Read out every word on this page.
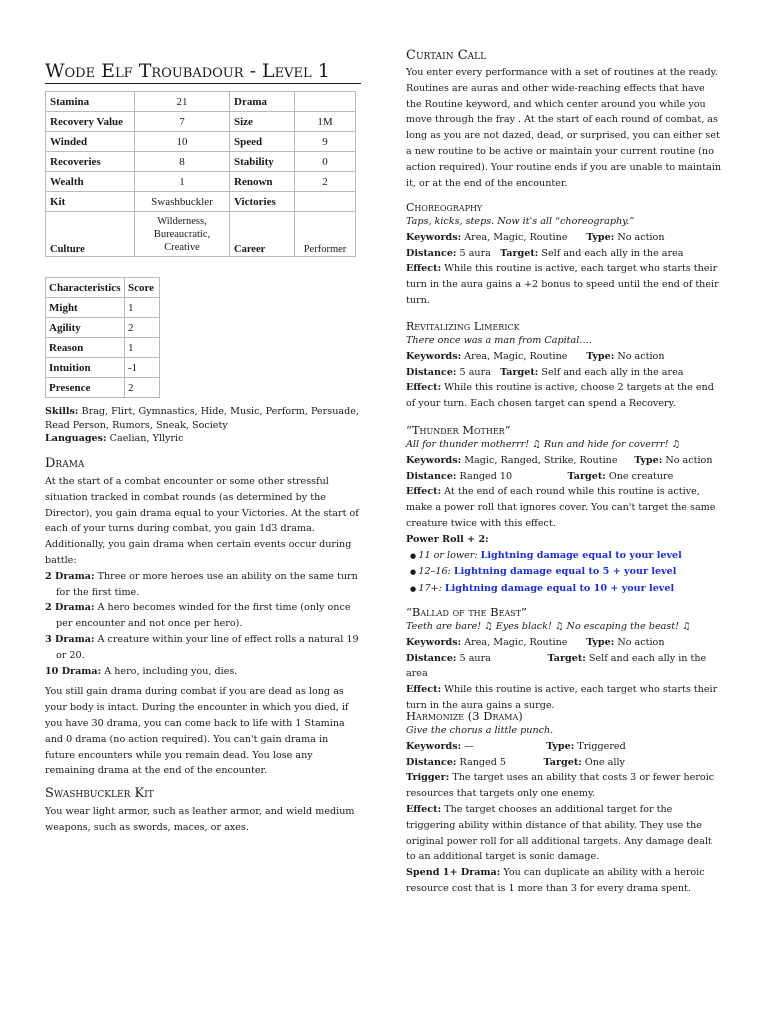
Wode Elf Troubadour - Level 1
Stamina	21	Drama	
Recovery Value	7	Size	1M
Winded	10	Speed	9
Recoveries	8	Stability	0
Wealth	1	Renown	2
Kit	Swashbuckler	Victories	
Culture	Wilderness, Bureaucratic, Creative	Career	Performer
Characteristics	Score
Might	1
Agility	2
Reason	1
Intuition	-1
Presence	2

Skills: Brag, Flirt, Gymnastics, Hide, Music, Perform, Persuade, Read Person, Rumors, Sneak, Society

Languages: Caelian, Yllyric

Drama

At the start of a combat encounter or some other stressful situation tracked in combat rounds (as determined by the Director), you gain drama equal to your Victories. At the start of each of your turns during combat, you gain 1d3 drama. Additionally, you gain drama when certain events occur during battle:

2 Drama: Three or more heroes use an ability on the same turn for the first time.

2 Drama: A hero becomes winded for the first time (only once per encounter and not once per hero).

3 Drama: A creature within your line of effect rolls a natural 19 or 20.

10 Drama: A hero, including you, dies.

You still gain drama during combat if you are dead as long as your body is intact. During the encounter in which you died, if you have 30 drama, you can come back to life with 1 Stamina and 0 drama (no action required). You can't gain drama in future encounters while you remain dead. You lose any remaining drama at the end of the encounter.

Swashbuckler Kit

You wear light armor, such as leather armor, and wield medium weapons, such as swords, maces, or axes.

Curtain Call

You enter every performance with a set of routines at the ready. Routines are auras and other wide-reaching effects that have the Routine keyword, and which center around you while you move through the fray . At the start of each round of combat, as long as you are not dazed, dead, or surprised, you can either set a new routine to be active or maintain your current routine (no action required). Your routine ends if you are unable to maintain it, or at the end of the encounter.

Choreography

Taps, kicks, steps. Now it's all “choreography.”

Keywords: Area, Magic, Routine Type: No action

Distance: 5 aura Target: Self and each ally in the area

Effect: While this routine is active, each target who starts their turn in the aura gains a +2 bonus to speed until the end of their turn.

Revitalizing Limerick

There once was a man from Capital….

Keywords: Area, Magic, Routine Type: No action

Distance: 5 aura Target: Self and each ally in the area

Effect: While this routine is active, choose 2 targets at the end of your turn. Each chosen target can spend a Recovery.

“Thunder Mother”

All for thunder motherrr! ♫ Run and hide for coverrr! ♫

Keywords: Magic, Ranged, Strike, Routine Type: No action

Distance: Ranged 10	Target: One creature

Effect: At the end of each round while this routine is active, make a power roll that ignores cover. You can't target the same creature twice with this effect.

Power Roll + 2:

● 11 or lower: Lightning damage equal to your level

● 12–16: Lightning damage equal to 5 + your level

● 17+: Lightning damage equal to 10 + your level

“Ballad of the Beast”

Teeth are bare! ♫ Eyes black! ♫ No escaping the beast! ♫

Keywords: Area, Magic, Routine Type: No action

Distance: 5 aura	Target: Self and each ally in the area

Effect: While this routine is active, each target who starts their turn in the aura gains a surge.

Harmonize (3 Drama)

Give the chorus a little punch.

Keywords: —	Type: Triggered

Distance: Ranged 5	Target: One ally

Trigger: The target uses an ability that costs 3 or fewer heroic resources that targets only one enemy.

Effect: The target chooses an additional target for the triggering ability within distance of that ability. They use the original power roll for all additional targets. Any damage dealt to an additional target is sonic damage.

Spend 1+ Drama: You can duplicate an ability with a heroic resource cost that is 1 more than 3 for every drama spent.
